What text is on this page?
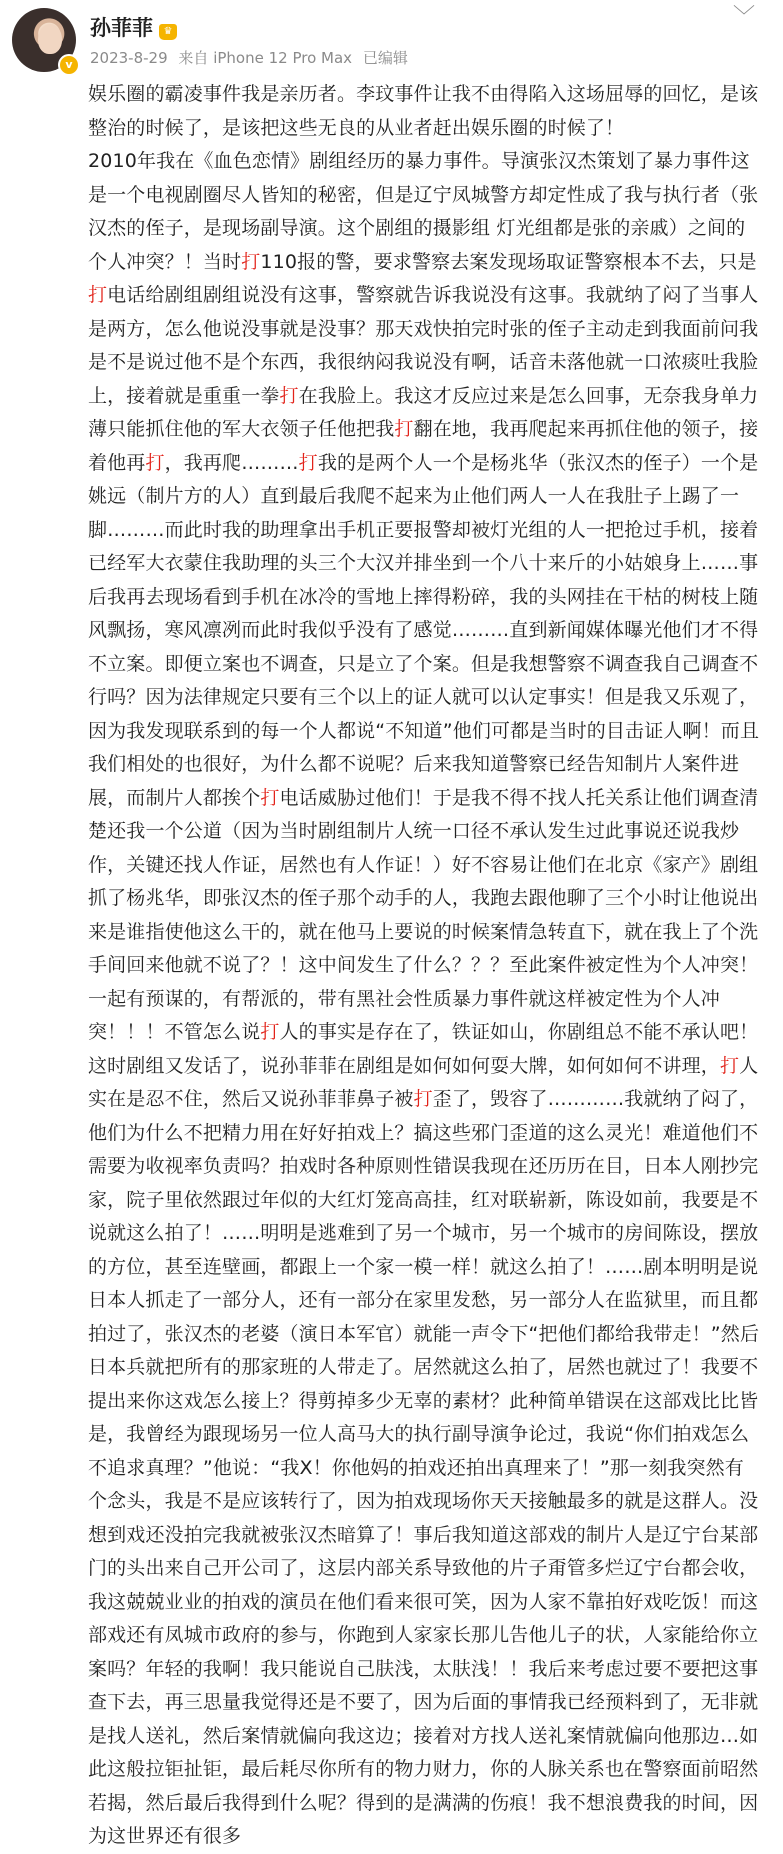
v
孙菲菲 ♛
2023-8-29 来自 iPhone 12 Pro Max 已编辑
﹀

娱乐圈的霸凌事件我是亲历者。李玟事件让我不由得陷入这场屈辱的回忆，是该整治的时候了，是该把这些无良的从业者赶出娱乐圈的时候了！

2010年我在《血色恋情》剧组经历的暴力事件。导演张汉杰策划了暴力事件这是一个电视剧圈尽人皆知的秘密，但是辽宁凤城警方却定性成了我与执行者（张汉杰的侄子，是现场副导演。这个剧组的摄影组 灯光组都是张的亲戚）之间的个人冲突？！当时打110报的警，要求警察去案发现场取证警察根本不去，只是打电话给剧组剧组说没有这事，警察就告诉我说没有这事。我就纳了闷了当事人是两方，怎么他说没事就是没事？那天戏快拍完时张的侄子主动走到我面前问我是不是说过他不是个东西，我很纳闷我说没有啊，话音未落他就一口浓痰吐我脸上，接着就是重重一拳打在我脸上。我这才反应过来是怎么回事，无奈我身单力薄只能抓住他的军大衣领子任他把我打翻在地，我再爬起来再抓住他的领子，接着他再打，我再爬………打我的是两个人一个是杨兆华（张汉杰的侄子）一个是姚远（制片方的人）直到最后我爬不起来为止他们两人一人在我肚子上踢了一脚………而此时我的助理拿出手机正要报警却被灯光组的人一把抢过手机，接着已经军大衣蒙住我助理的头三个大汉并排坐到一个八十来斤的小姑娘身上……事后我再去现场看到手机在冰冷的雪地上摔得粉碎，我的头网挂在干枯的树枝上随风飘扬，寒风凛冽而此时我似乎没有了感觉………直到新闻媒体曝光他们才不得不立案。即便立案也不调查，只是立了个案。但是我想警察不调查我自己调查不行吗？因为法律规定只要有三个以上的证人就可以认定事实！但是我又乐观了，因为我发现联系到的每一个人都说“不知道”他们可都是当时的目击证人啊！而且我们相处的也很好，为什么都不说呢？后来我知道警察已经告知制片人案件进展，而制片人都挨个打电话威胁过他们！于是我不得不找人托关系让他们调查清楚还我一个公道（因为当时剧组制片人统一口径不承认发生过此事说还说我炒作，关键还找人作证，居然也有人作证！）好不容易让他们在北京《家产》剧组抓了杨兆华，即张汉杰的侄子那个动手的人，我跑去跟他聊了三个小时让他说出来是谁指使他这么干的，就在他马上要说的时候案情急转直下，就在我上了个洗手间回来他就不说了？！这中间发生了什么？？？至此案件被定性为个人冲突！一起有预谋的，有帮派的，带有黑社会性质暴力事件就这样被定性为个人冲突！！！不管怎么说打人的事实是存在了，铁证如山，你剧组总不能不承认吧！这时剧组又发话了，说孙菲菲在剧组是如何如何耍大牌，如何如何不讲理，打人实在是忍不住，然后又说孙菲菲鼻子被打歪了，毁容了…………我就纳了闷了，他们为什么不把精力用在好好拍戏上？搞这些邪门歪道的这么灵光！难道他们不需要为收视率负责吗？拍戏时各种原则性错误我现在还历历在目，日本人刚抄完家，院子里依然跟过年似的大红灯笼高高挂，红对联崭新，陈设如前，我要是不说就这么拍了！……明明是逃难到了另一个城市，另一个城市的房间陈设，摆放的方位，甚至连壁画，都跟上一个家一模一样！就这么拍了！……剧本明明是说日本人抓走了一部分人，还有一部分在家里发愁，另一部分人在监狱里，而且都拍过了，张汉杰的老婆（演日本军官）就能一声令下“把他们都给我带走！”然后日本兵就把所有的那家班的人带走了。居然就这么拍了，居然也就过了！我要不提出来你这戏怎么接上？得剪掉多少无辜的素材？此种简单错误在这部戏比比皆是，我曾经为跟现场另一位人高马大的执行副导演争论过，我说“你们拍戏怎么不追求真理？”他说：“我X！你他妈的拍戏还拍出真理来了！”那一刻我突然有个念头，我是不是应该转行了，因为拍戏现场你天天接触最多的就是这群人。没想到戏还没拍完我就被张汉杰暗算了！事后我知道这部戏的制片人是辽宁台某部门的头出来自己开公司了，这层内部关系导致他的片子甭管多烂辽宁台都会收，我这兢兢业业的拍戏的演员在他们看来很可笑，因为人家不靠拍好戏吃饭！而这部戏还有凤城市政府的参与，你跑到人家家长那儿告他儿子的状，人家能给你立案吗？年轻的我啊！我只能说自己肤浅，太肤浅！！我后来考虑过要不要把这事查下去，再三思量我觉得还是不要了，因为后面的事情我已经预料到了，无非就是找人送礼，然后案情就偏向我这边；接着对方找人送礼案情就偏向他那边…如此这般拉钜扯钜，最后耗尽你所有的物力财力，你的人脉关系也在警察面前昭然若揭，然后最后我得到什么呢？得到的是满满的伤痕！我不想浪费我的时间，因为这世界还有很多
